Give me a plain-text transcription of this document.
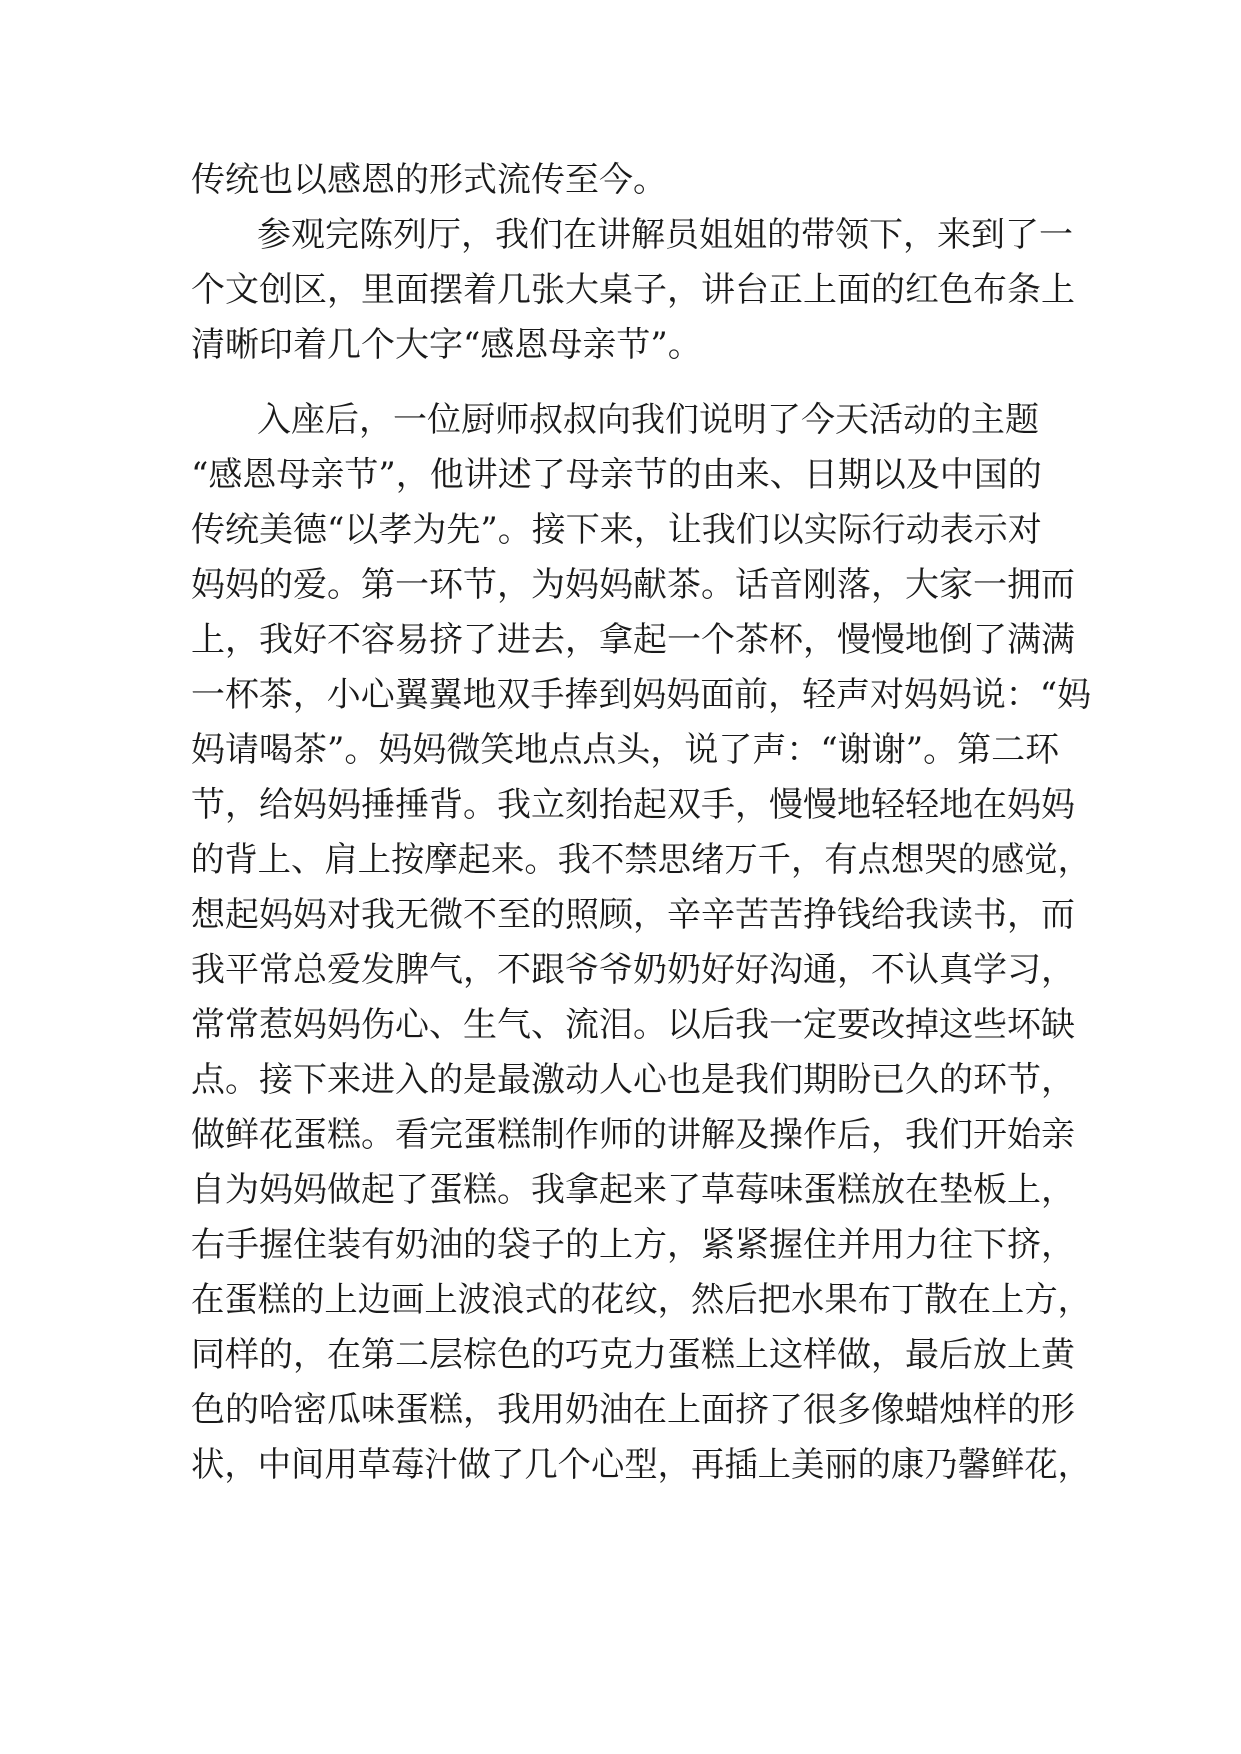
传统也以感恩的形式流传至今。
参观完陈列厅，我们在讲解员姐姐的带领下，来到了一
个文创区，里面摆着几张大桌子，讲台正上面的红色布条上
清晰印着几个大字“感恩母亲节”。
入座后，一位厨师叔叔向我们说明了今天活动的主题
“感恩母亲节”，他讲述了母亲节的由来、日期以及中国的
传统美德“以孝为先”。接下来，让我们以实际行动表示对
妈妈的爱。第一环节，为妈妈献茶。话音刚落，大家一拥而
上，我好不容易挤了进去，拿起一个茶杯，慢慢地倒了满满
一杯茶，小心翼翼地双手捧到妈妈面前，轻声对妈妈说：“妈
妈请喝茶”。妈妈微笑地点点头，说了声：“谢谢”。第二环
节，给妈妈捶捶背。我立刻抬起双手，慢慢地轻轻地在妈妈
的背上、肩上按摩起来。我不禁思绪万千，有点想哭的感觉，
想起妈妈对我无微不至的照顾，辛辛苦苦挣钱给我读书，而
我平常总爱发脾气，不跟爷爷奶奶好好沟通，不认真学习，
常常惹妈妈伤心、生气、流泪。以后我一定要改掉这些坏缺
点。接下来进入的是最激动人心也是我们期盼已久的环节，
做鲜花蛋糕。看完蛋糕制作师的讲解及操作后，我们开始亲
自为妈妈做起了蛋糕。我拿起来了草莓味蛋糕放在垫板上，
右手握住装有奶油的袋子的上方，紧紧握住并用力往下挤，
在蛋糕的上边画上波浪式的花纹，然后把水果布丁散在上方，
同样的，在第二层棕色的巧克力蛋糕上这样做，最后放上黄
色的哈密瓜味蛋糕，我用奶油在上面挤了很多像蜡烛样的形
状，中间用草莓汁做了几个心型，再插上美丽的康乃馨鲜花，
